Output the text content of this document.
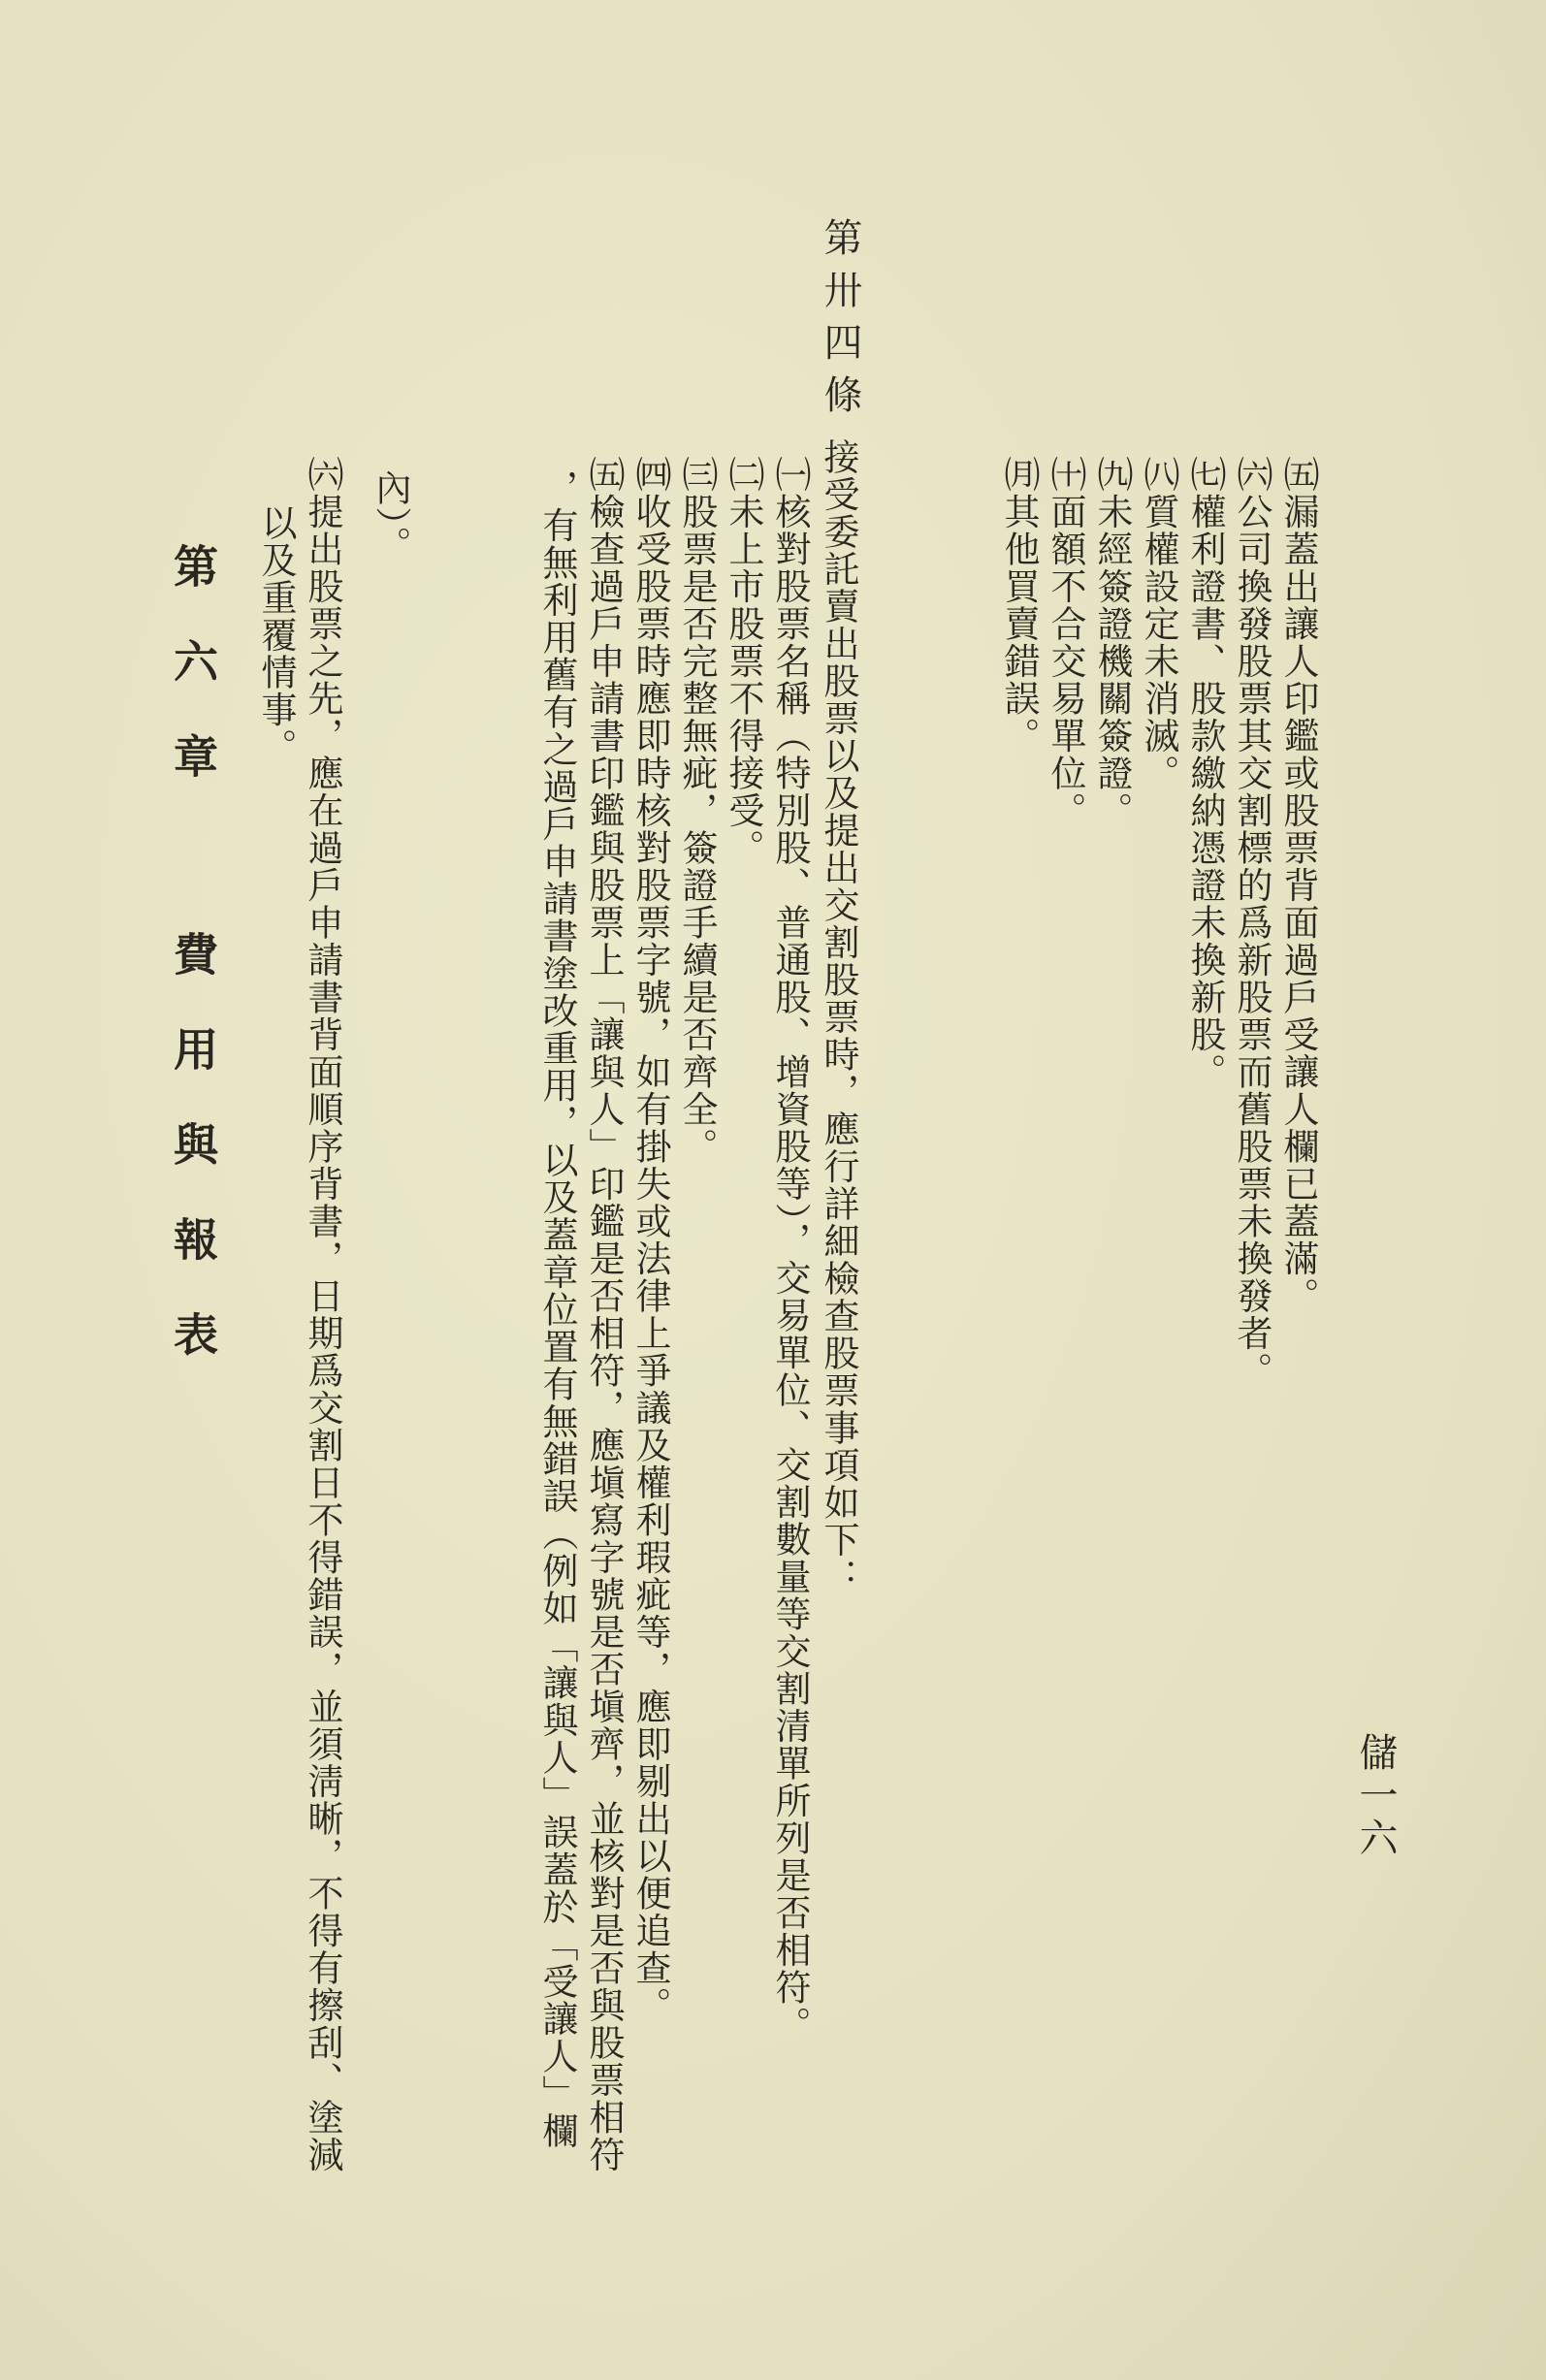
儲一六
㈤漏蓋出讓人印鑑或股票背面過戶受讓人欄已蓋滿。
㈥公司換發股票其交割標的爲新股票而舊股票未換發者。
㈦權利證書、股款繳納憑證未換新股。
㈧質權設定未消滅。
㈨未經簽證機關簽證。
㈩面額不合交易單位。
㈪其他買賣錯誤。
第卅四條
接受委託賣出股票以及提出交割股票時，應行詳細檢查股票事項如下：
㈠核對股票名稱（特別股、普通股、增資股等），交易單位、交割數量等交割清單所列是否相符。
㈡未上市股票不得接受。
㈢股票是否完整無疵，簽證手續是否齊全。
㈣收受股票時應即時核對股票字號，如有掛失或法律上爭議及權利瑕疵等，應即剔出以便追查。
㈤檢查過戶申請書印鑑與股票上「讓與人」印鑑是否相符，應塡寫字號是否塡齊，並核對是否與股票相符
，有無利用舊有之過戶申請書塗改重用，以及蓋章位置有無錯誤（例如「讓與人」誤蓋於「受讓人」欄
內）。
㈥提出股票之先，應在過戶申請書背面順序背書，日期爲交割日不得錯誤，並須淸晰，不得有擦刮、塗減
以及重覆情事。
第六章 費用與報表
